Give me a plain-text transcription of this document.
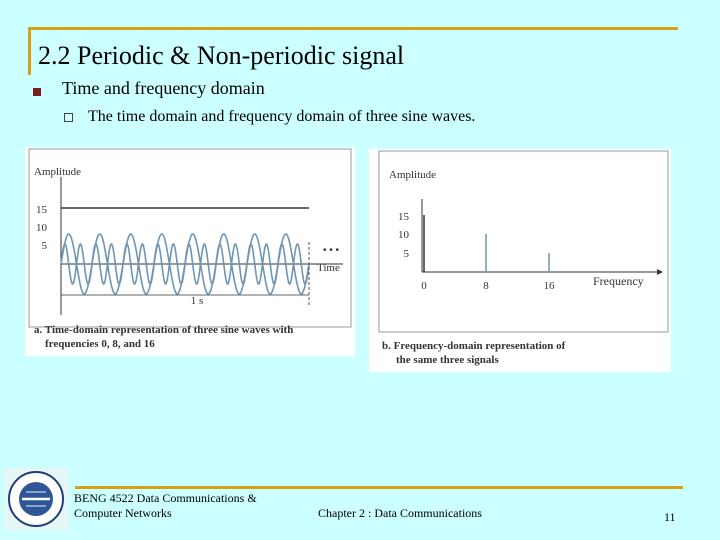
2.2 Periodic & Non-periodic signal
Time and frequency domain
The time domain and frequency domain of three sine waves.
Amplitude
15
10
5
1 s
• • •
Time
a. Time-domain representation of three sine waves with
frequencies 0, 8, and 16
Amplitude
15
10
5
0	8	16	Frequency
b. Frequency-domain representation of
the same three signals
BENG 4522 Data Communications & Computer Networks	Chapter 2 : Data Communications	11
